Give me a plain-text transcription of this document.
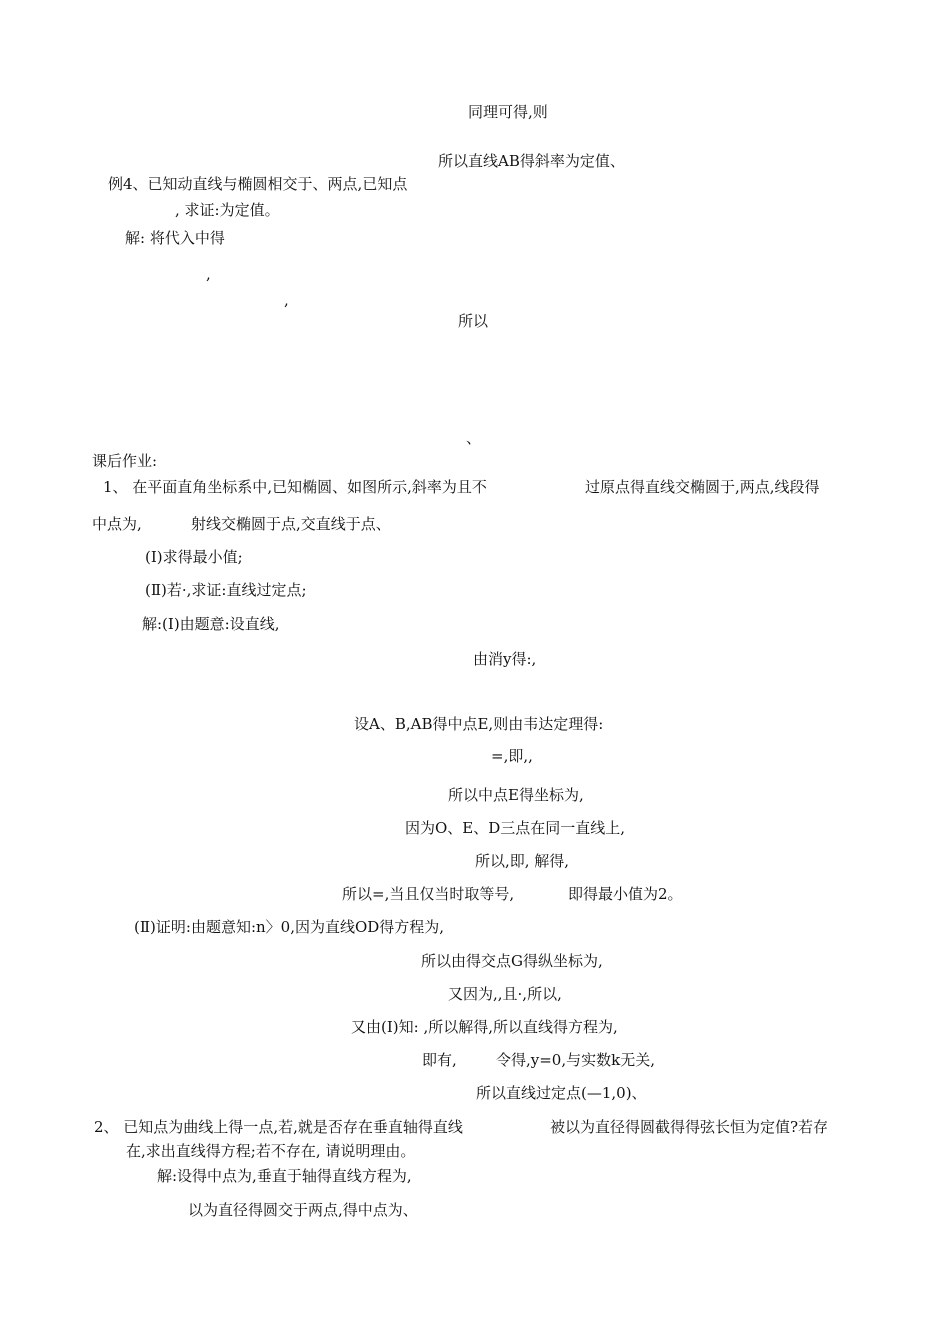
同理可得,则
所以直线AB得斜率为定值、
例4、已知动直线与椭圆相交于、两点,已知点
, 求证:为定值。
解: 将代入中得
,
,
所以
、
课后作业:
1、 在平面直角坐标系中,已知椭圆、如图所示,斜率为且不	过原点得直线交椭圆于,两点,线段得
中点为,	射线交椭圆于点,交直线于点、
(Ⅰ)求得最小值;
(Ⅱ)若·,求证:直线过定点;
解:(Ⅰ)由题意:设直线,
由消y得:,
设A、B,AB得中点E,则由韦达定理得:
=,即,,
所以中点E得坐标为,
因为O、E、D三点在同一直线上,
所以,即, 解得,
所以=,当且仅当时取等号,	即得最小值为2。
(Ⅱ)证明:由题意知:n〉0,因为直线OD得方程为,
所以由得交点G得纵坐标为,
又因为,,且·,所以,
又由(Ⅰ)知: ,所以解得,所以直线得方程为,
即有,	令得,y=0,与实数k无关,
所以直线过定点(—1,0)、
2、 已知点为曲线上得一点,若,就是否存在垂直轴得直线	被以为直径得圆截得得弦长恒为定值?若存
在,求出直线得方程;若不存在, 请说明理由。
解:设得中点为,垂直于轴得直线方程为,
以为直径得圆交于两点,得中点为、
